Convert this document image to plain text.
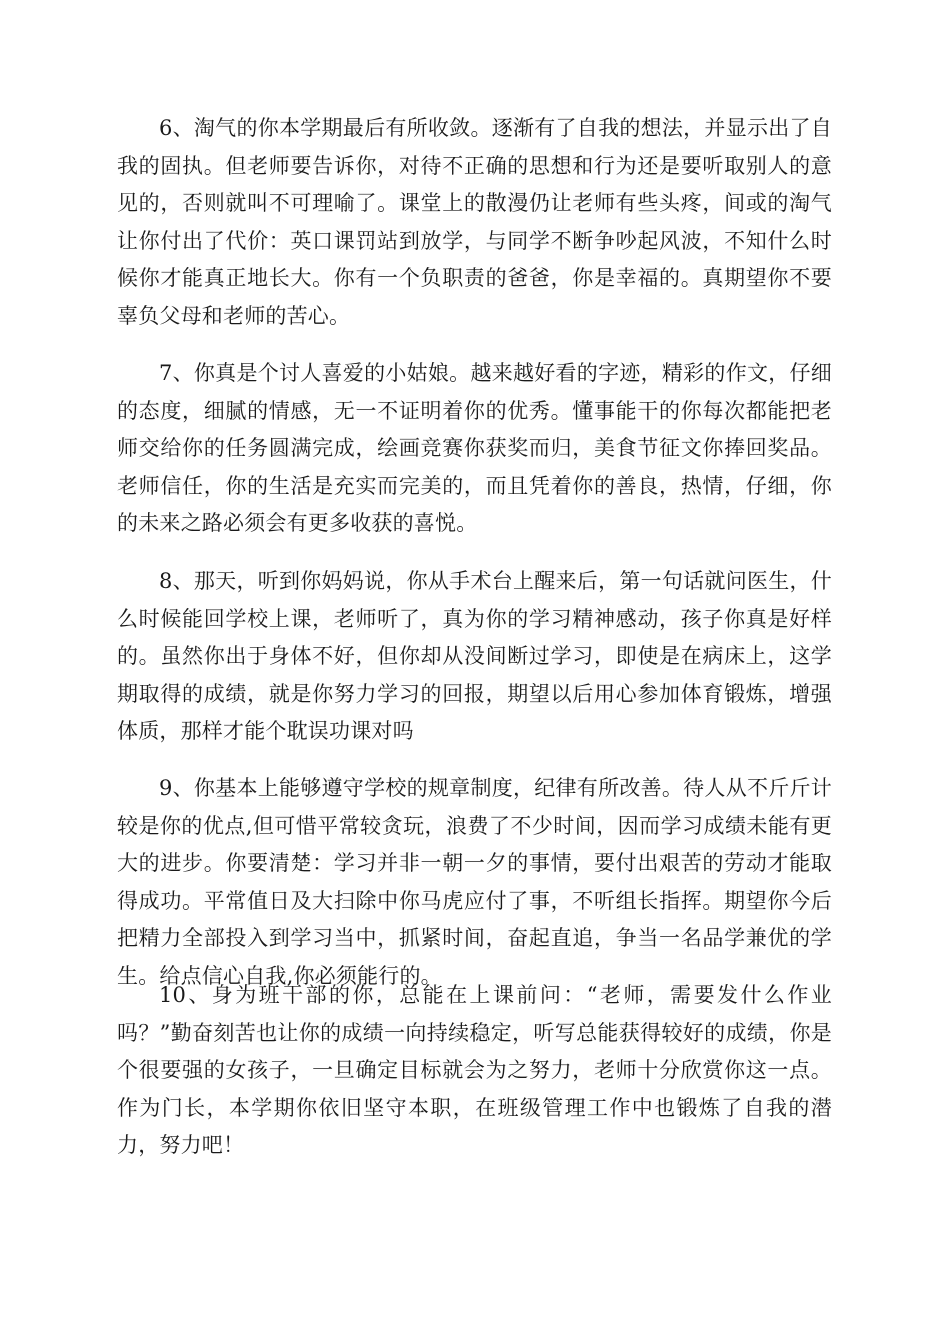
6、淘气的你本学期最后有所收敛。逐渐有了自我的想法，并显示出了自我的固执。但老师要告诉你，对待不正确的思想和行为还是要听取别人的意见的，否则就叫不可理喻了。课堂上的散漫仍让老师有些头疼，间或的淘气让你付出了代价：英口课罚站到放学，与同学不断争吵起风波，不知什么时候你才能真正地长大。你有一个负职责的爸爸，你是幸福的。真期望你不要辜负父母和老师的苦心。

7、你真是个讨人喜爱的小姑娘。越来越好看的字迹，精彩的作文，仔细的态度，细腻的情感，无一不证明着你的优秀。懂事能干的你每次都能把老师交给你的任务圆满完成，绘画竞赛你获奖而归，美食节征文你捧回奖品。老师信任，你的生活是充实而完美的，而且凭着你的善良，热情，仔细，你的未来之路必须会有更多收获的喜悦。

8、那天，听到你妈妈说，你从手术台上醒来后，第一句话就问医生，什么时候能回学校上课，老师听了，真为你的学习精神感动，孩子你真是好样的。虽然你出于身体不好，但你却从没间断过学习，即使是在病床上，这学期取得的成绩，就是你努力学习的回报，期望以后用心参加体育锻炼，增强体质，那样才能个耽误功课对吗

9、你基本上能够遵守学校的规章制度，纪律有所改善。待人从不斤斤计较是你的优点,但可惜平常较贪玩，浪费了不少时间，因而学习成绩未能有更大的进步。你要清楚：学习并非一朝一夕的事情，要付出艰苦的劳动才能取得成功。平常值日及大扫除中你马虎应付了事，不听组长指挥。期望你今后把精力全部投入到学习当中，抓紧时间，奋起直追，争当一名品学兼优的学生。给点信心自我,你必须能行的。

10、身为班干部的你，总能在上课前问：“老师，需要发什么作业吗？”勤奋刻苦也让你的成绩一向持续稳定，听写总能获得较好的成绩，你是个很要强的女孩子，一旦确定目标就会为之努力，老师十分欣赏你这一点。作为门长，本学期你依旧坚守本职，在班级管理工作中也锻炼了自我的潜力，努力吧！
